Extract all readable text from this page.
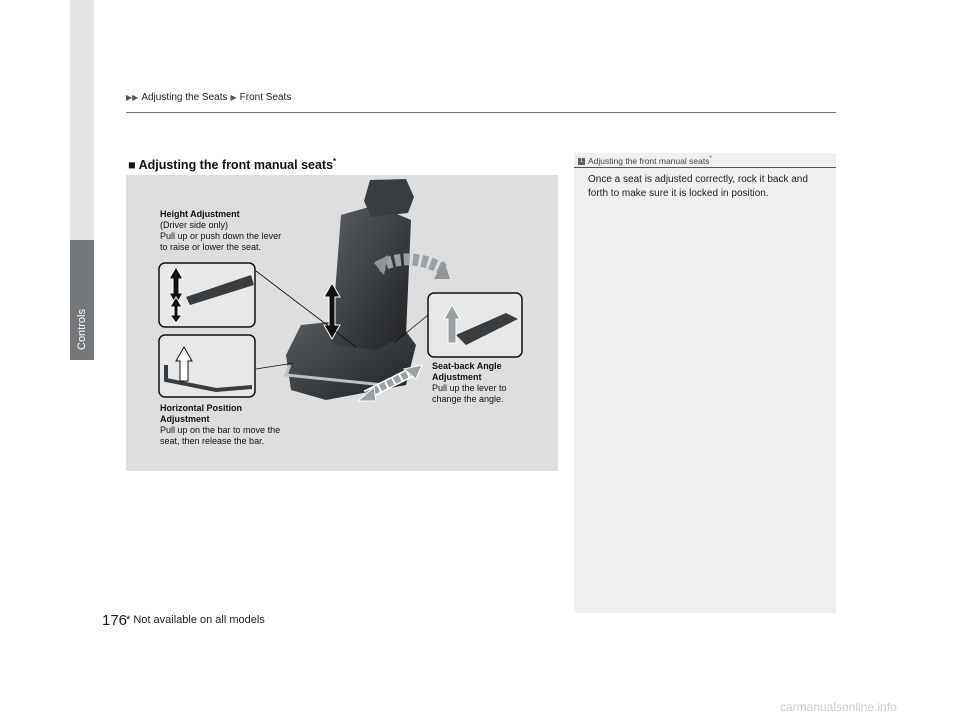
Controls
▶▶ Adjusting the Seats ▶ Front Seats
■ Adjusting the front manual seats*
Height Adjustment
(Driver side only)
Pull up or push down the lever
to raise or lower the seat.
Horizontal Position
Adjustment
Pull up on the bar to move the
seat, then release the bar.
Seat-back Angle
Adjustment
Pull up the lever to
change the angle.
1 Adjusting the front manual seats*
Once a seat is adjusted correctly, rock it back and forth to make sure it is locked in position.
176
* Not available on all models
carmanualsonline.info
